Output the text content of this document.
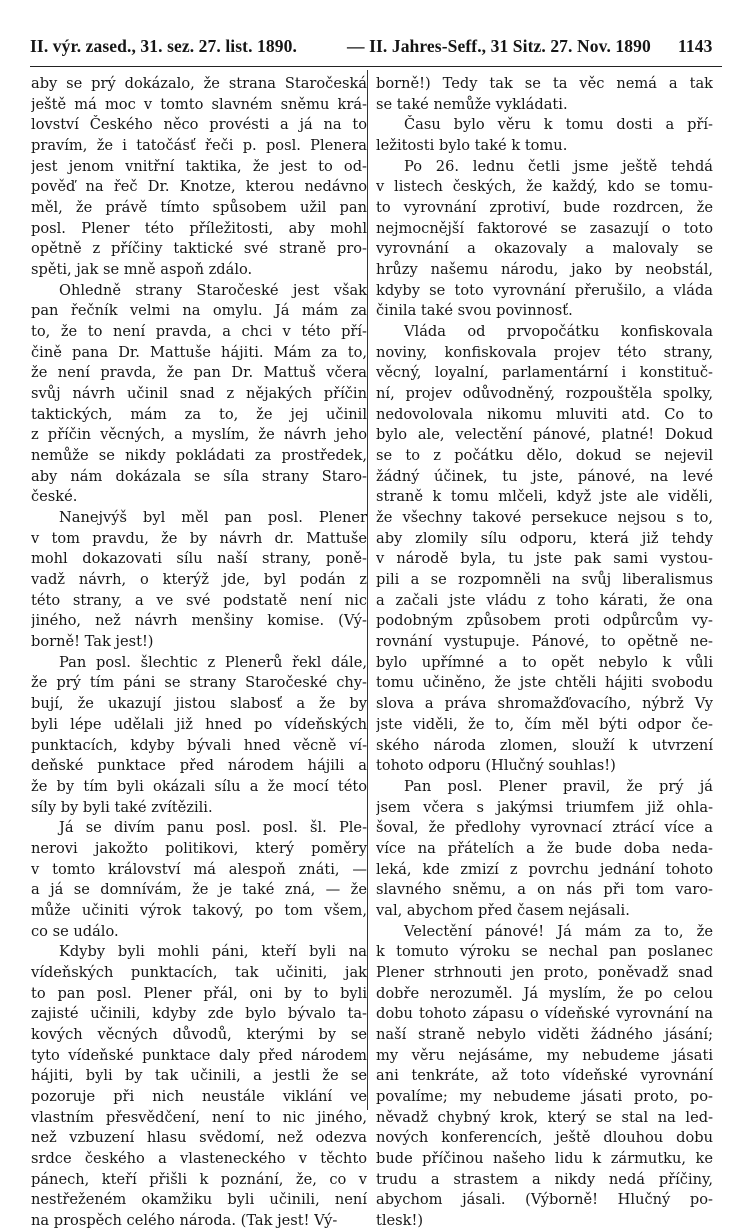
II. výr. zased., 31. sez. 27. list. 1890.	— II. Jahres-Seff., 31 Sitz. 27. Nov. 1890 1143
aby se prý dokázalo, že strana Staročeská
ještě má moc v tomto slavném sněmu krá-
lovství Českého něco provésti a já na to
pravím, že i tatočásť řeči p. posl. Plenera
jest jenom vnitřní taktika, že jest to od-
pověď na řeč Dr. Knotze, kterou nedávno
měl, že právě tímto spůsobem užil pan
posl. Plener této příležitosti, aby mohl
opětně z příčiny taktické své straně pro-
spěti, jak se mně aspoň zdálo.
Ohledně strany Staročeské jest však
pan řečník velmi na omylu. Já mám za
to, že to není pravda, a chci v této pří-
čině pana Dr. Mattuše hájiti. Mám za to,
že není pravda, že pan Dr. Mattuš včera
svůj návrh učinil snad z nějakých příčin
taktických, mám za to, že jej učinil
z příčin věcných, a myslím, že návrh jeho
nemůže se nikdy pokládati za prostředek,
aby nám dokázala se síla strany Staro-
české.
Nanejvýš byl měl pan posl. Plener
v tom pravdu, že by návrh dr. Mattuše
mohl dokazovati sílu naší strany, poně-
vadž návrh, o kterýž jde, byl podán z
této strany, a ve své podstatě není nic
jiného, než návrh menšiny komise. (Vý-
borně! Tak jest!)
Pan posl. šlechtic z Plenerů řekl dále,
že prý tím páni se strany Staročeské chy-
bují, že ukazují jistou slabosť a že by
byli lépe udělali již hned po vídeňských
punktacích, kdyby bývali hned věcně ví-
deňské punktace před národem hájili a
že by tím byli okázali sílu a že mocí této
síly by byli také zvítězili.
Já se divím panu posl. posl. šl. Ple-
nerovi jakožto politikovi, který poměry
v tomto království má alespoň znáti, —
a já se domnívám, že je také zná, — že
může učiniti výrok takový, po tom všem,
co se událo.
Kdyby byli mohli páni, kteří byli na
vídeňských punktacích, tak učiniti, jak
to pan posl. Plener přál, oni by to byli
zajisté učinili, kdyby zde bylo bývalo ta-
kových věcných důvodů, kterými by se
tyto vídeňské punktace daly před národem
hájiti, byli by tak učinili, a jestli že se
pozoruje při nich neustále viklání ve
vlastním přesvědčení, není to nic jiného,
než vzbuzení hlasu svědomí, než odezva
srdce českého a vlasteneckého v těchto
pánech, kteří přišli k poznání, že, co v
nestřeženém okamžiku byli učinili, není
na prospěch celého národa. (Tak jest! Vý-
borně!) Tedy tak se ta věc nemá a tak
se také nemůže vykládati.
Času bylo věru k tomu dosti a pří-
ležitosti bylo také k tomu.
Po 26. lednu četli jsme ještě tehdá
v listech českých, že každý, kdo se tomu-
to vyrovnání zprotiví, bude rozdrcen, že
nejmocnější faktorové se zasazují o toto
vyrovnání a okazovaly a malovaly se
hrůzy našemu národu, jako by neobstál,
kdyby se toto vyrovnání přerušilo, a vláda
činila také svou povinnosť.
Vláda od prvopočátku konfiskovala
noviny, konfiskovala projev této strany,
věcný, loyalní, parlamentární i konstituč-
ní, projev odůvodněný, rozpouštěla spolky,
nedovolovala nikomu mluviti atd. Co to
bylo ale, velectění pánové, platné! Dokud
se to z počátku dělo, dokud se nejevil
žádný účinek, tu jste, pánové, na levé
straně k tomu mlčeli, když jste ale viděli,
že všechny takové persekuce nejsou s to,
aby zlomily sílu odporu, která již tehdy
v národě byla, tu jste pak sami vystou-
pili a se rozpomněli na svůj liberalismus
a začali jste vládu z toho kárati, že ona
podobným způsobem proti odpůrcům vy-
rovnání vystupuje. Pánové, to opětně ne-
bylo upřímné a to opět nebylo k vůli
tomu učiněno, že jste chtěli hájiti svobodu
slova a práva shromažďovacího, nýbrž Vy
jste viděli, že to, čím měl býti odpor če-
ského národa zlomen, slouží k utvrzení
tohoto odporu (Hlučný souhlas!)
Pan posl. Plener pravil, že prý já
jsem včera s jakýmsi triumfem již ohla-
šoval, že předlohy vyrovnací ztrácí více a
více na přátelích a že bude doba neda-
leká, kde zmizí z povrchu jednání tohoto
slavného sněmu, a on nás při tom varo-
val, abychom před časem nejásali.
Velectění pánové! Já mám za to, že
k tomuto výroku se nechal pan poslanec
Plener strhnouti jen proto, poněvadž snad
dobře nerozuměl. Já myslím, že po celou
dobu tohoto zápasu o vídeňské vyrovnání na
naší straně nebylo viděti žádného jásání;
my věru nejásáme, my nebudeme jásati
ani tenkráte, až toto vídeňské vyrovnání
povalíme; my nebudeme jásati proto, po-
něvadž chybný krok, který se stal na led-
nových konferencích, ještě dlouhou dobu
bude příčinou našeho lidu k zármutku, ke
trudu a strastem a nikdy nedá příčiny,
abychom jásali. (Výborně! Hlučný po-
tlesk!)
